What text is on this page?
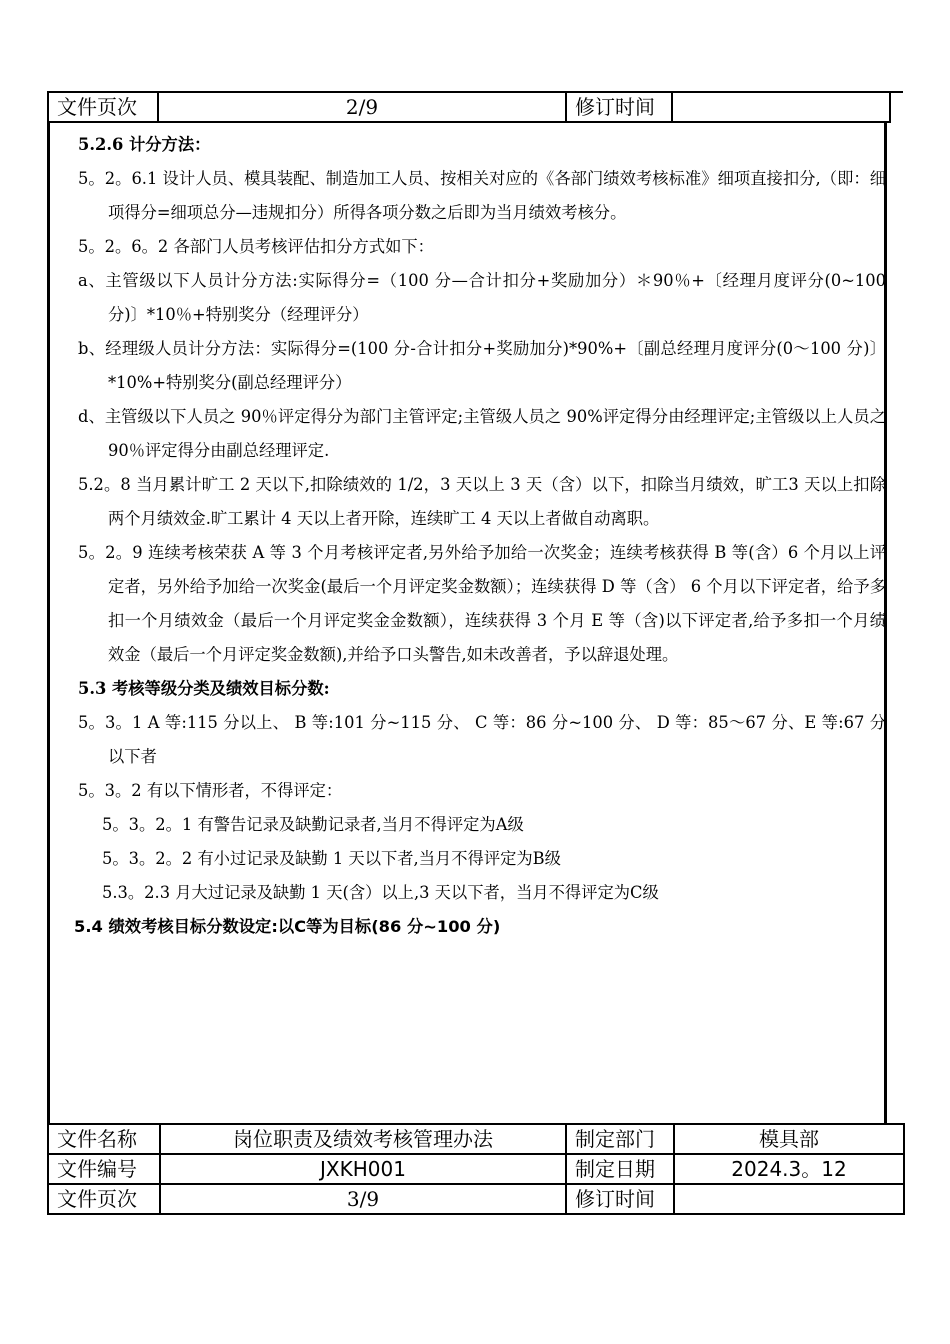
文件页次	2/9	修订时间	

5.2.6 计分方法：

5。2。6.1 设计人员、模具装配、制造加工人员、按相关对应的《各部门绩效考核标准》细项直接扣分,（即：细项得分=细项总分—违规扣分）所得各项分数之后即为当月绩效考核分。

5。2。6。2 各部门人员考核评估扣分方式如下：

a、主管级以下人员计分方法:实际得分=（100 分—合计扣分+奖励加分）＊90％+〔经理月度评分(0~100 分)〕*10％+特别奖分（经理评分）

b、经理级人员计分方法：实际得分=(100 分-合计扣分+奖励加分)*90%+〔副总经理月度评分(0～100 分)〕*10%+特别奖分(副总经理评分）

d、主管级以下人员之 90％评定得分为部门主管评定;主管级人员之 90%评定得分由经理评定;主管级以上人员之 90％评定得分由副总经理评定.

5.2。8 当月累计旷工 2 天以下,扣除绩效的 1/2，3 天以上 3 天（含）以下，扣除当月绩效，旷工3 天以上扣除两个月绩效金.旷工累计 4 天以上者开除，连续旷工 4 天以上者做自动离职。

5。2。9 连续考核荣获 A 等 3 个月考核评定者,另外给予加给一次奖金；连续考核获得 B 等(含）6 个月以上评定者，另外给予加给一次奖金(最后一个月评定奖金数额）；连续获得 D 等（含） 6 个月以下评定者，给予多扣一个月绩效金（最后一个月评定奖金金数额），连续获得 3 个月 E 等（含)以下评定者,给予多扣一个月绩效金（最后一个月评定奖金数额),并给予口头警告,如未改善者，予以辞退处理。

5.3 考核等级分类及绩效目标分数:

5。3。1 A 等:115 分以上、 B 等:101 分~115 分、 C 等：86 分~100 分、 D 等：85～67 分、E 等:67 分以下者

5。3。2 有以下情形者，不得评定：

5。3。2。1 有警告记录及缺勤记录者,当月不得评定为A级

5。3。2。2 有小过记录及缺勤 1 天以下者,当月不得评定为B级

5.3。2.3 月大过记录及缺勤 1 天(含）以上,3 天以下者，当月不得评定为C级

5.4 绩效考核目标分数设定:以C等为目标(86 分~100 分)

文件名称	岗位职责及绩效考核管理办法	制定部门	模具部
文件编号	JXKH001	制定日期	2024.3。12
文件页次	3/9	修订时间	
